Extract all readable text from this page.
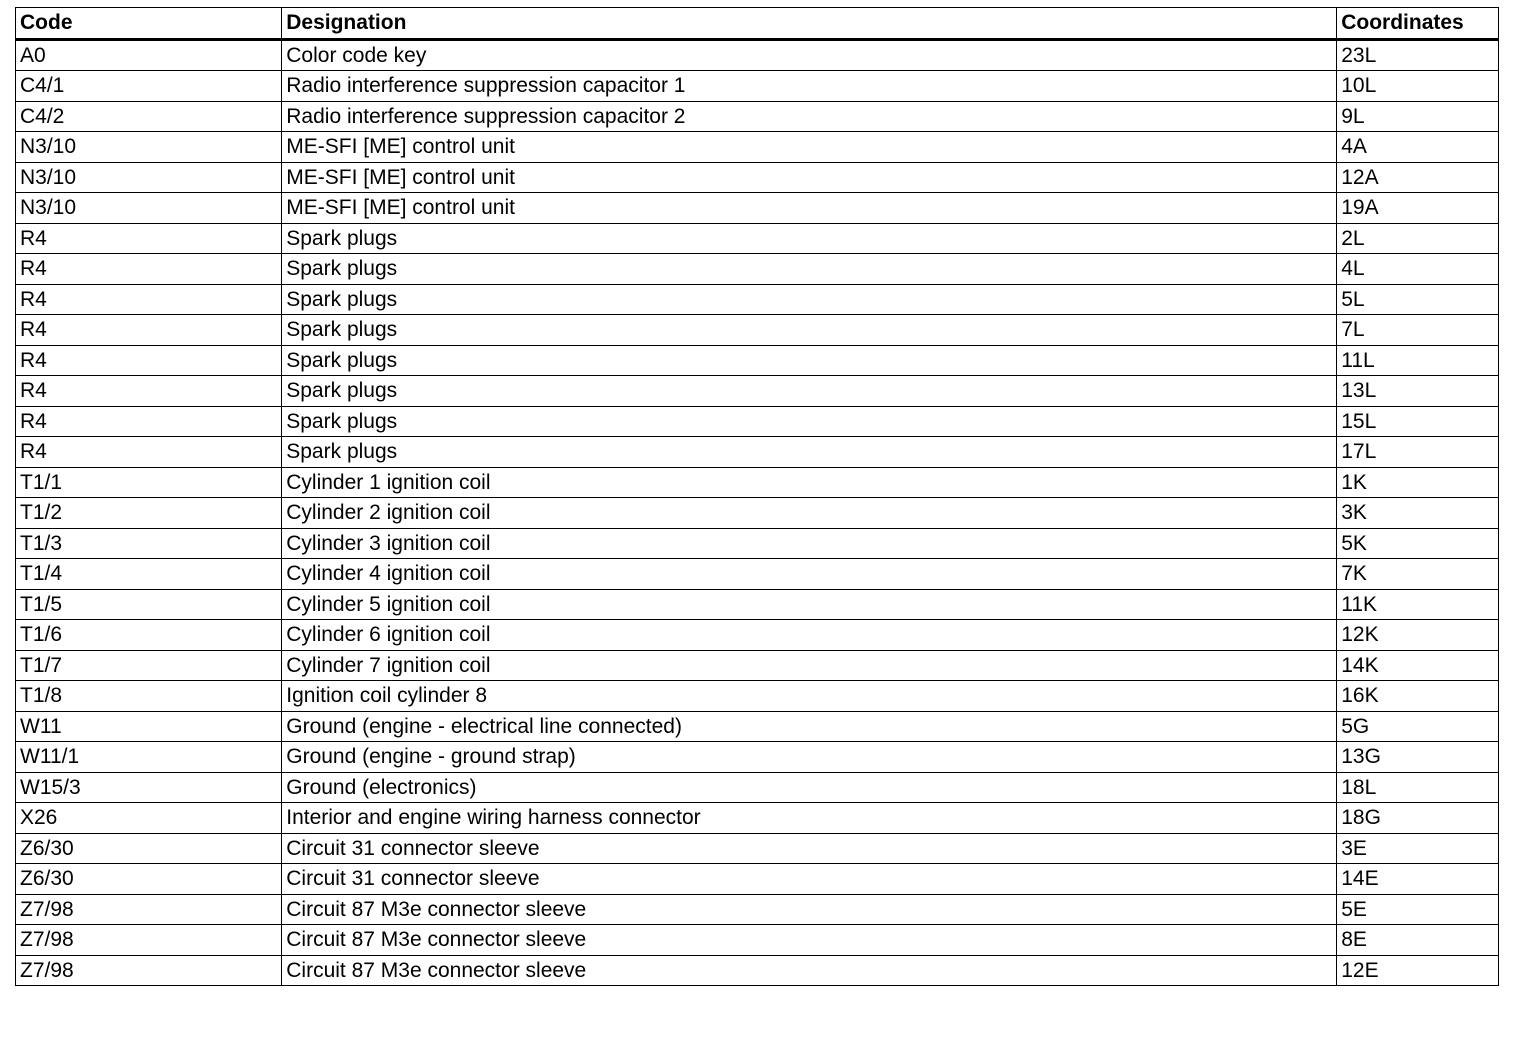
Code	Designation	Coordinates
A0	Color code key	23L
C4/1	Radio interference suppression capacitor 1	10L
C4/2	Radio interference suppression capacitor 2	9L
N3/10	ME-SFI [ME] control unit	4A
N3/10	ME-SFI [ME] control unit	12A
N3/10	ME-SFI [ME] control unit	19A
R4	Spark plugs	2L
R4	Spark plugs	4L
R4	Spark plugs	5L
R4	Spark plugs	7L
R4	Spark plugs	11L
R4	Spark plugs	13L
R4	Spark plugs	15L
R4	Spark plugs	17L
T1/1	Cylinder 1 ignition coil	1K
T1/2	Cylinder 2 ignition coil	3K
T1/3	Cylinder 3 ignition coil	5K
T1/4	Cylinder 4 ignition coil	7K
T1/5	Cylinder 5 ignition coil	11K
T1/6	Cylinder 6 ignition coil	12K
T1/7	Cylinder 7 ignition coil	14K
T1/8	Ignition coil cylinder 8	16K
W11	Ground (engine - electrical line connected)	5G
W11/1	Ground (engine - ground strap)	13G
W15/3	Ground (electronics)	18L
X26	Interior and engine wiring harness connector	18G
Z6/30	Circuit 31 connector sleeve	3E
Z6/30	Circuit 31 connector sleeve	14E
Z7/98	Circuit 87 M3e connector sleeve	5E
Z7/98	Circuit 87 M3e connector sleeve	8E
Z7/98	Circuit 87 M3e connector sleeve	12E
